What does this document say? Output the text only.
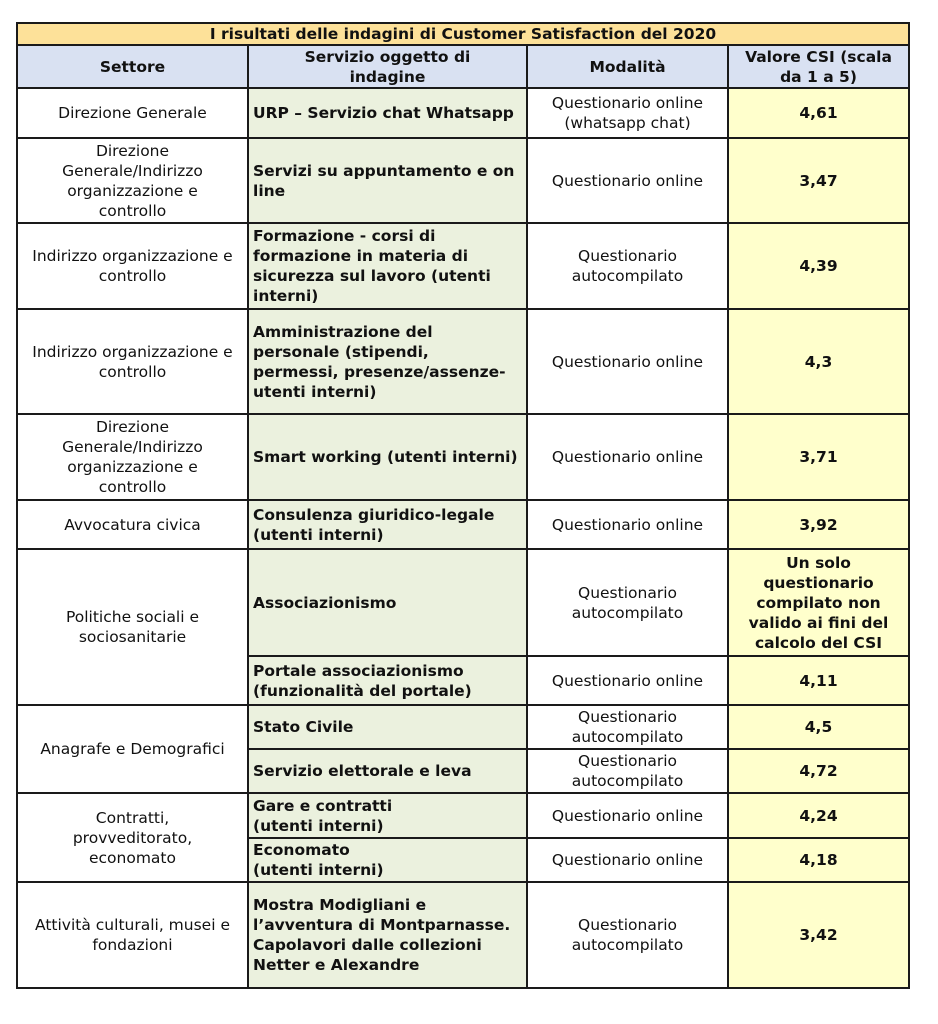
I risultati delle indagini di Customer Satisfaction del 2020			
Settore	Servizio oggetto di indagine	Modalità	Valore CSI (scala da 1 a 5)

Direzione Generale	URP – Servizio chat Whatsapp	Questionario online (whatsapp chat)	4,61

Direzione Generale/Indirizzo organizzazione e controllo	Servizi su appuntamento e on line	Questionario online	3,47
Indirizzo organizzazione e controllo	Formazione - corsi di formazione in materia di sicurezza sul lavoro (utenti interni)	Questionario autocompilato	4,39
Indirizzo organizzazione e controllo	Amministrazione del personale (stipendi, permessi, presenze/assenze-utenti interni)	Questionario online	4,3

Direzione Generale/Indirizzo organizzazione e controllo	Smart working (utenti interni)	Questionario online	3,71
Avvocatura civica	Consulenza giuridico-legale (utenti interni)	Questionario online	3,92

Politiche sociali e sociosanitarie	Associazionismo	Questionario autocompilato	Un solo questionario compilato non valido ai fini del calcolo del CSI
	Portale associazionismo (funzionalità del portale)	Questionario online	4,11
Anagrafe e Demografici	Stato Civile	Questionario autocompilato	4,5
	Servizio elettorale e leva	Questionario autocompilato	4,72

Contratti, provveditorato, economato	Gare e contratti (utenti interni)	Questionario online	4,24

	Economato (utenti interni)	Questionario online	4,18
Attività culturali, musei e fondazioni	Mostra Modigliani e l’avventura di Montparnasse. Capolavori dalle collezioni Netter e Alexandre	Questionario autocompilato	3,42
